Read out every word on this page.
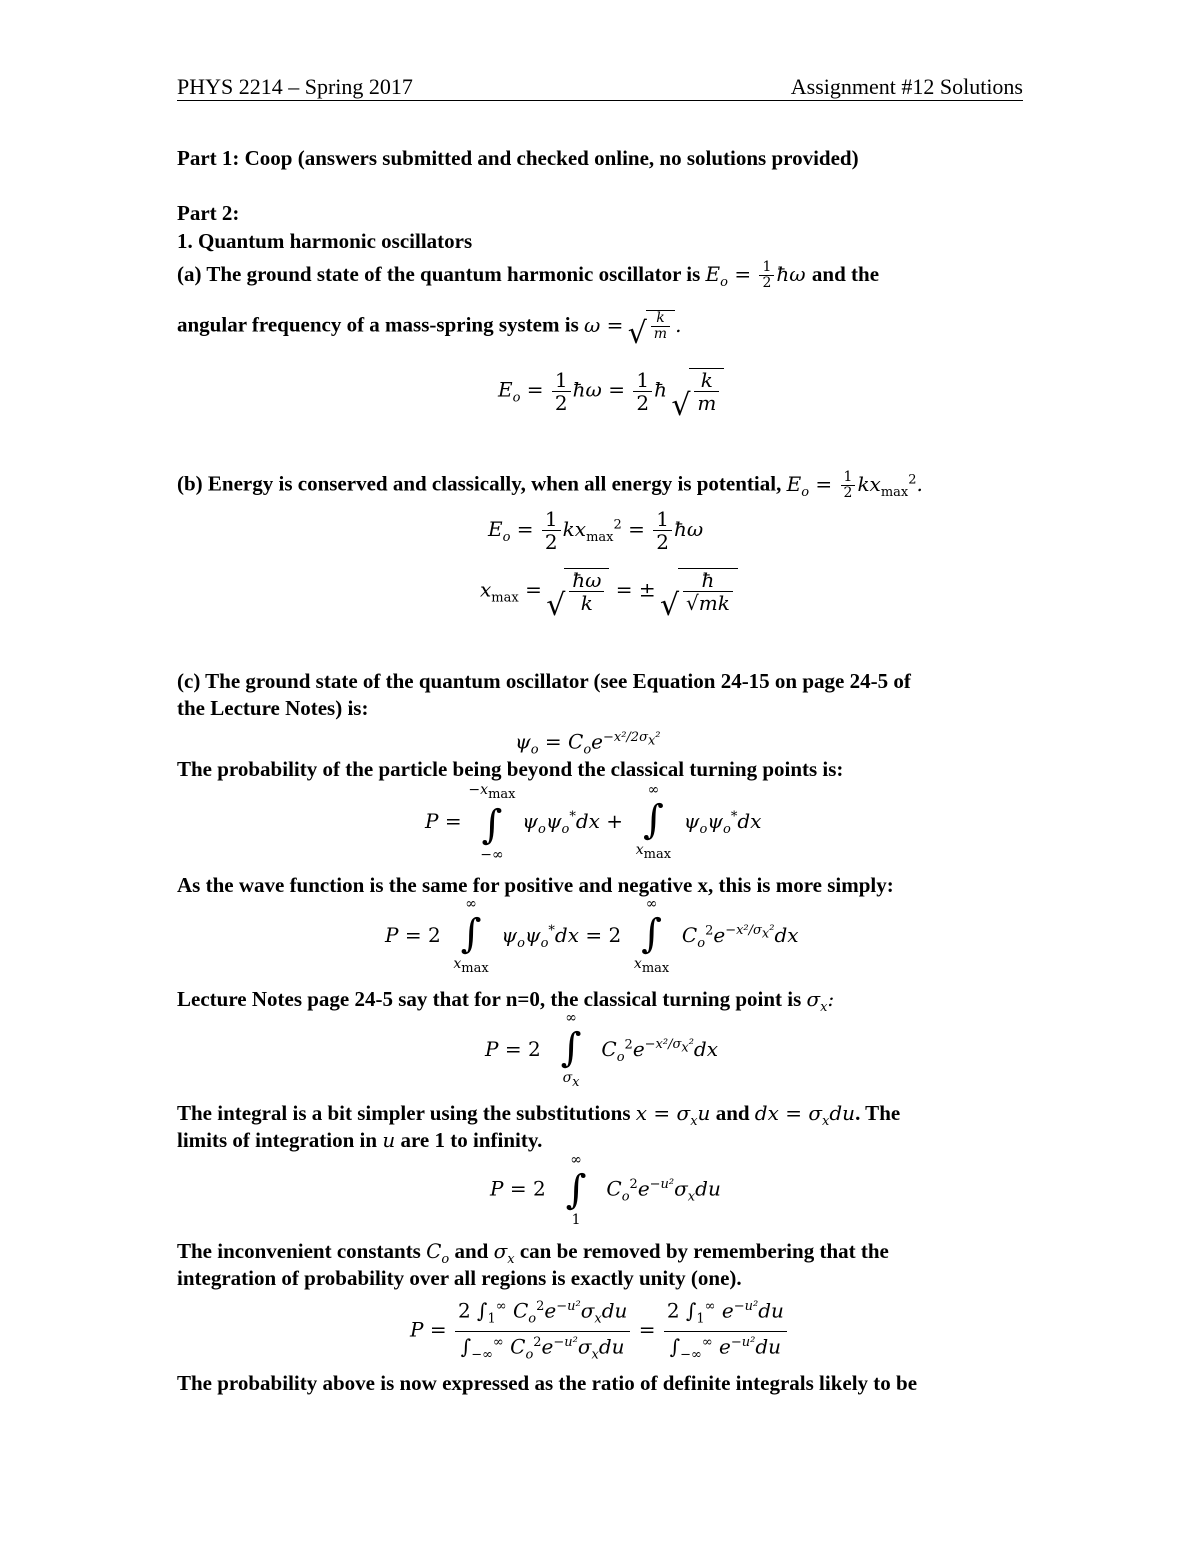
PHYS 2214 – Spring 2017	Assignment #12 Solutions
Part 1: Coop (answers submitted and checked online, no solutions provided)
Part 2:
1. Quantum harmonic oscillators
(a) The ground state of the quantum harmonic oscillator is $E_o = \frac{1}{2}$ ħω and the
angular frequency of a mass-spring system is ω = √ $\frac{k}{m}$ .
$E_o = \frac{1}{2}$ ħω = $\frac{1}{2}$ ħ √ $\frac{k}{m}$
(b) Energy is conserved and classically, when all energy is potential, $E_o = \frac{1}{2} kx_{max}^2$.
$E_o = \frac{1}{2} kx_{max}^2 = \frac{1}{2}$ ħω
$x_{max}$ = √ $\frac{ħ\omega}{k}$ = ± √ $\frac{ħ}{√mk}$
(c) The ground state of the quantum oscillator (see Equation 24-15 on page 24-5 of
the Lecture Notes) is:
$\psi_o = C_oe^{-x^2/2\sigma_x^2}$
The probability of the particle being beyond the classical turning points is:
P =
$-x_{max}$
∫
−∞
$\psi_o\psi_o^*dx$ +
∞
∫
$x_{max}$
$\psi_o\psi_o^*dx$
As the wave function is the same for positive and negative x, this is more simply:
P = 2
∞
∫
$x_{max}$
$\psi_o\psi_o^*dx = 2$
∞
∫
$x_{max}$
$C_o^2e^{-x^2/\sigma_x^2}dx$
Lecture Notes page 24-5 say that for n=0, the classical turning point is $\sigma_x$:
P = 2
∞
∫
$\sigma_x$
$C_o^2e^{-x^2/\sigma_x^2}dx$
The integral is a bit simpler using the substitutions $x = \sigma_xu$ and dx = $\sigma_xdu$. The
limits of integration in u are 1 to infinity.
P = 2
∞
∫
1
$C_o^2e^{-u^2}\sigma_xdu$
The inconvenient constants $C_o$ and $\sigma_x$ can be removed by remembering that the
integration of probability over all regions is exactly unity (one).
$P = \frac{2 \int_1^\infty C_o^2e^{-u^2}\sigma_xdu}{\int_{-\infty}^\infty C_o^2e^{-u^2}\sigma_xdu} = \frac{2 \int_1^\infty e^{-u^2}du}{\int_{-\infty}^\infty e^{-u^2}du}$
The probability above is now expressed as the ratio of definite integrals likely to be
